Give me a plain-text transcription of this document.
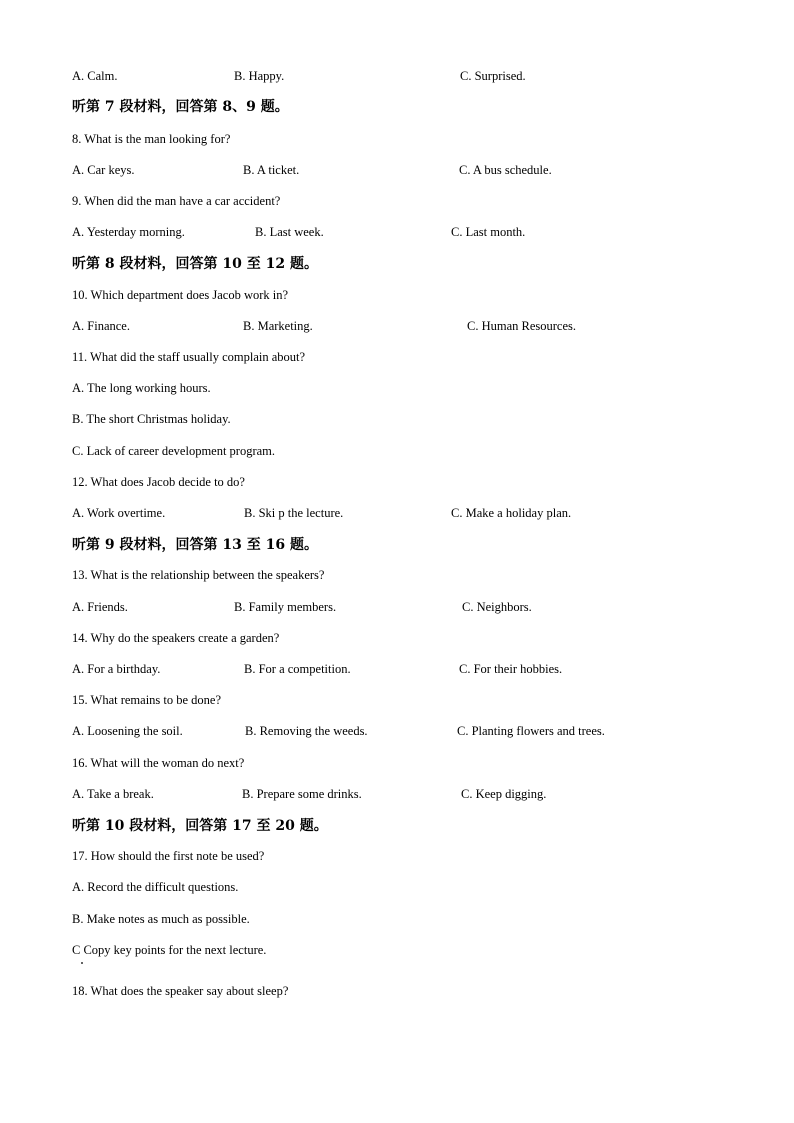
A. Calm.	B. Happy.	C. Surprised.
听第 7 段材料，回答第 8、9 题。
8. What is the man looking for?
A. Car keys.	B. A ticket.	C. A bus schedule.
9. When did the man have a car accident?
A. Yesterday morning.	B. Last week.	C. Last month.
听第 8 段材料，回答第 10 至 12 题。
10. Which department does Jacob work in?
A. Finance.	B. Marketing.	C. Human Resources.
11. What did the staff usually complain about?
A. The long working hours.
B. The short Christmas holiday.
C. Lack of career development program.
12. What does Jacob decide to do?
A. Work overtime.	B. Ski p the lecture.	C. Make a holiday plan.
听第 9 段材料，回答第 13 至 16 题。
13. What is the relationship between the speakers?
A. Friends.	B. Family members.	C. Neighbors.
14. Why do the speakers create a garden?
A. For a birthday.	B. For a competition.	C. For their hobbies.
15. What remains to be done?
A. Loosening the soil.	B. Removing the weeds.	C. Planting flowers and trees.
16. What will the woman do next?
A. Take a break.	B. Prepare some drinks.	C. Keep digging.
听第 10 段材料，回答第 17 至 20 题。
17. How should the first note be used?
A. Record the difficult questions.
B. Make notes as much as possible.
C Copy key points for the next lecture.
18. What does the speaker say about sleep?
